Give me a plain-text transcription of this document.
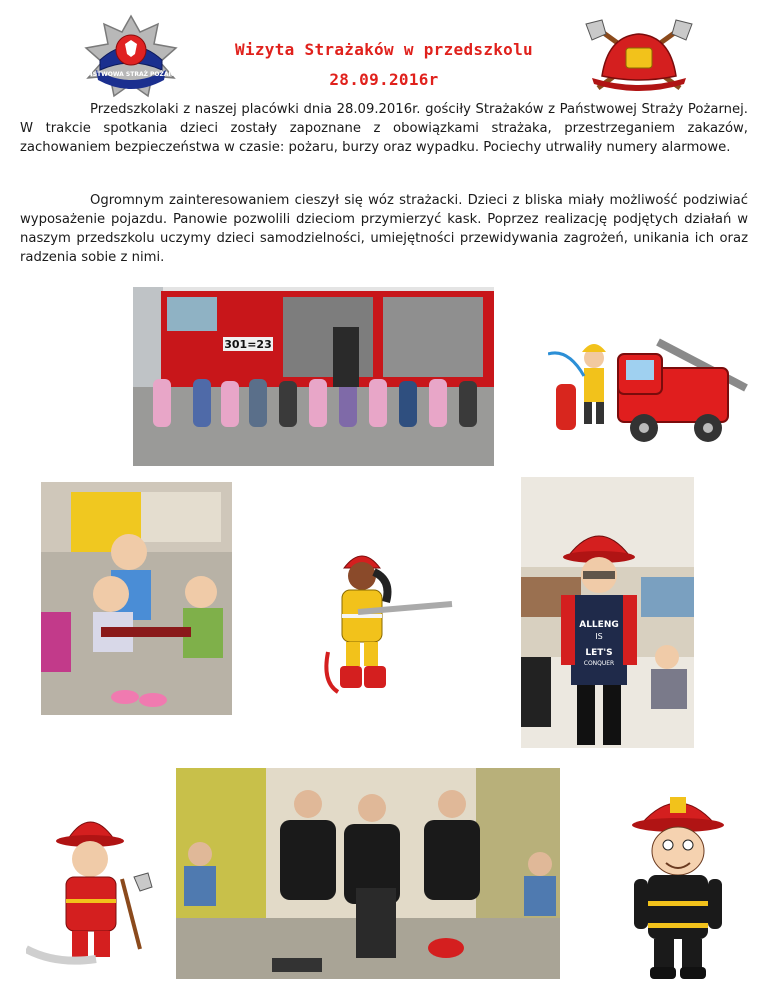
PAŃSTWOWA STRAŻ POŻARNA
Wizyta Strażaków w przedszkolu
28.09.2016r
Przedszkolaki z naszej placówki dnia 28.09.2016r. gościły Strażaków z Państwowej Straży Pożarnej. W trakcie spotkania dzieci zostały zapoznane z obowiązkami strażaka, przestrzeganiem zakazów, zachowaniem bezpieczeństwa w czasie: pożaru, burzy oraz wypadku. Pociechy utrwaliły numery alarmowe.
Ogromnym zainteresowaniem cieszył się wóz strażacki. Dzieci z bliska miały możliwość podziwiać wyposażenie pojazdu. Panowie pozwolili dzieciom przymierzyć kask. Poprzez realizację podjętych działań w naszym przedszkolu uczymy dzieci samodzielności, umiejętności przewidywania zagrożeń, unikania ich oraz radzenia sobie z nimi.
301=23
ALLENG
IS
LET'S
CONQUER
